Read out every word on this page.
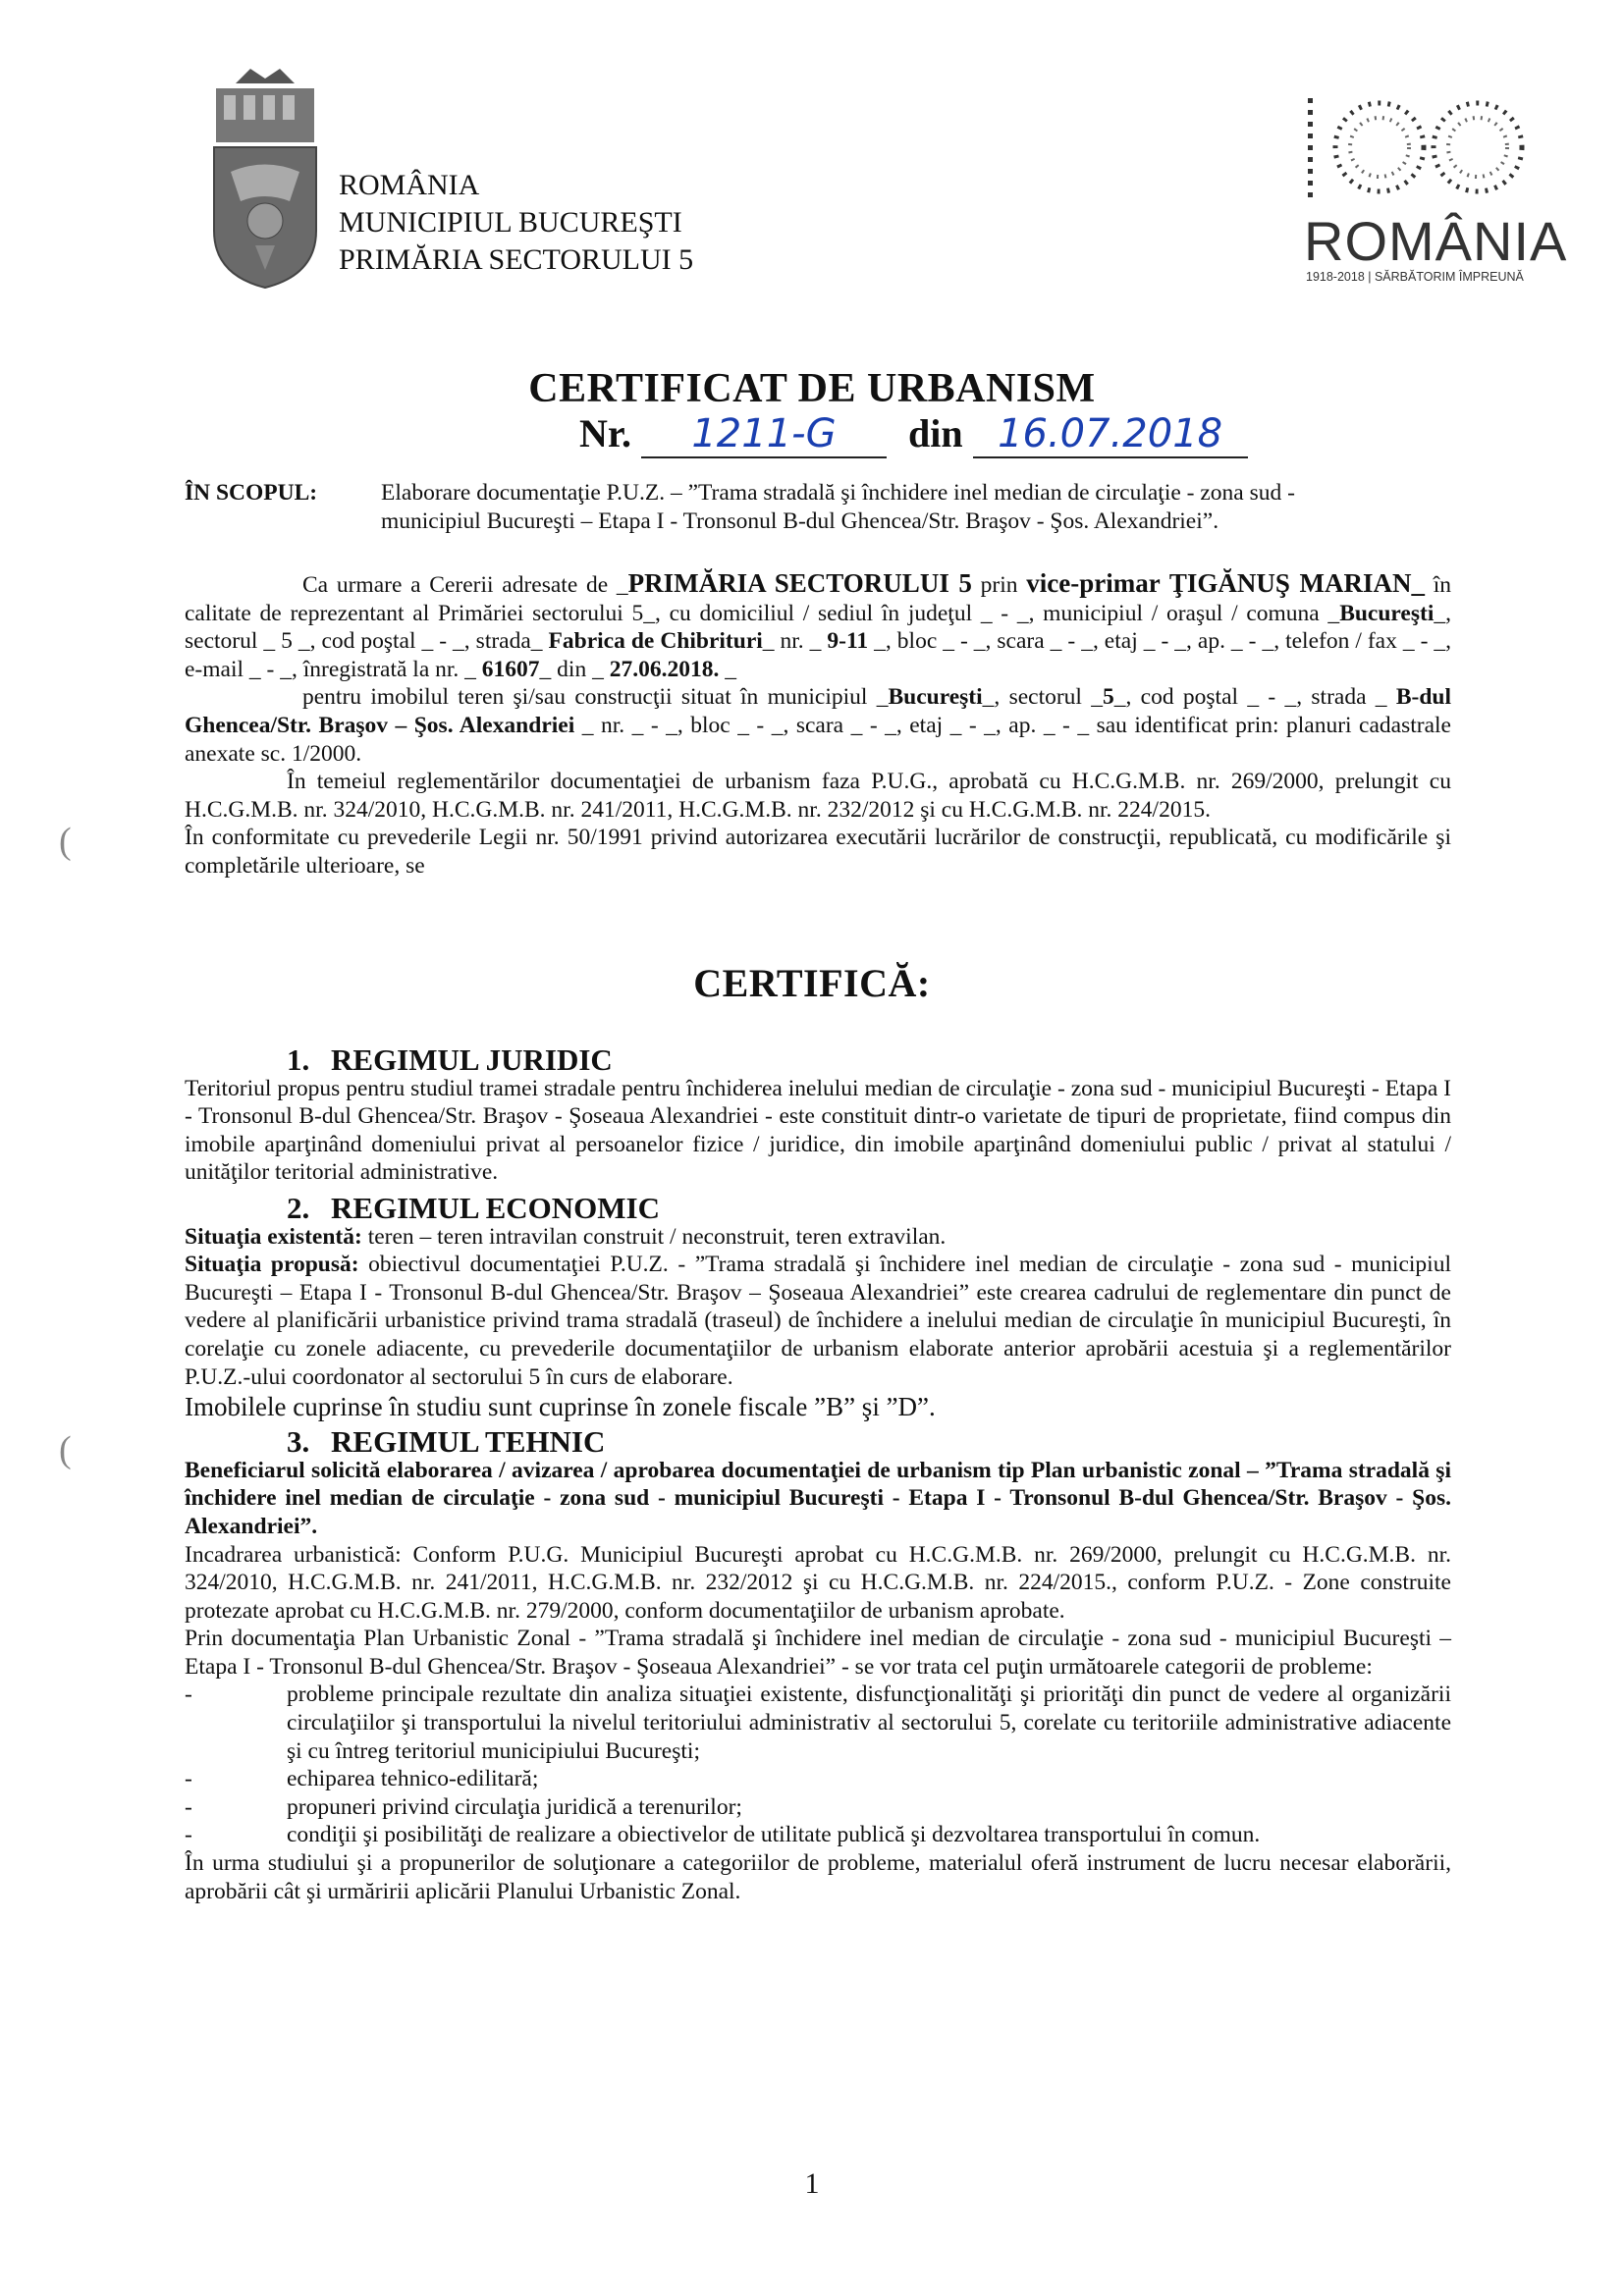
ROMÂNIA
MUNICIPIUL BUCUREŞTI
PRIMĂRIA SECTORULUI 5	ROMÂNIA
1918-2018 | SĂRBĂTORIM ÎMPREUNĂ
CERTIFICAT DE URBANISM
Nr. 1211-G din 16.07.2018
ÎN SCOPUL:	Elaborare documentaţie P.U.Z. – ”Trama stradală şi închidere inel median de circulaţie - zona sud -
municipiul Bucureşti – Etapa I - Tronsonul B-dul Ghencea/Str. Braşov - Şos. Alexandriei”.

Ca urmare a Cererii adresate de _PRIMĂRIA SECTORULUI 5 prin vice-primar ŢIGĂNUŞ MARIAN_ în calitate de reprezentant al Primăriei sectorului 5_, cu domiciliul / sediul în judeţul _ - _, municipiul / oraşul / comuna _Bucureşti_, sectorul _ 5 _, cod poştal _ - _, strada_ Fabrica de Chibrituri_ nr. _ 9-11 _, bloc _ - _, scara _ - _, etaj _ - _, ap. _ - _, telefon / fax _ - _, e-mail _ - _, înregistrată la nr. _ 61607_ din _ 27.06.2018. _

pentru imobilul teren şi/sau construcţii situat în municipiul _Bucureşti_, sectorul _5_, cod poştal _ - _, strada _ B-dul Ghencea/Str. Braşov – Şos. Alexandriei _ nr. _ - _, bloc _ - _, scara _ - _, etaj _ - _, ap. _ - _ sau identificat prin: planuri cadastrale anexate sc. 1/2000.

În temeiul reglementărilor documentaţiei de urbanism faza P.U.G., aprobată cu H.C.G.M.B. nr. 269/2000, prelungit cu H.C.G.M.B. nr. 324/2010, H.C.G.M.B. nr. 241/2011, H.C.G.M.B. nr. 232/2012 şi cu H.C.G.M.B. nr. 224/2015.

În conformitate cu prevederile Legii nr. 50/1991 privind autorizarea executării lucrărilor de construcţii, republicată, cu modificările şi completările ulterioare, se

CERTIFICĂ:
1. REGIMUL JURIDIC

Teritoriul propus pentru studiul tramei stradale pentru închiderea inelului median de circulaţie - zona sud - municipiul Bucureşti - Etapa I - Tronsonul B-dul Ghencea/Str. Braşov - Şoseaua Alexandriei - este constituit dintr-o varietate de tipuri de proprietate, fiind compus din imobile aparţinând domeniului privat al persoanelor fizice / juridice, din imobile aparţinând domeniului public / privat al statului / unităţilor teritorial administrative.

2. REGIMUL ECONOMIC

Situaţia existentă: teren – teren intravilan construit / neconstruit, teren extravilan.

Situaţia propusă: obiectivul documentaţiei P.U.Z. - ”Trama stradală şi închidere inel median de circulaţie - zona sud - municipiul Bucureşti – Etapa I - Tronsonul B-dul Ghencea/Str. Braşov – Şoseaua Alexandriei” este crearea cadrului de reglementare din punct de vedere al planificării urbanistice privind trama stradală (traseul) de închidere a inelului median de circulaţie în municipiul Bucureşti, în corelaţie cu zonele adiacente, cu prevederile documentaţiilor de urbanism elaborate anterior aprobării acestuia şi a reglementărilor P.U.Z.-ului coordonator al sectorului 5 în curs de elaborare.

Imobilele cuprinse în studiu sunt cuprinse în zonele fiscale ”B” şi ”D”.

3. REGIMUL TEHNIC

Beneficiarul solicită elaborarea / avizarea / aprobarea documentaţiei de urbanism tip Plan urbanistic zonal – ”Trama stradală şi închidere inel median de circulaţie - zona sud - municipiul Bucureşti - Etapa I - Tronsonul B-dul Ghencea/Str. Braşov - Şos. Alexandriei”.

Incadrarea urbanistică: Conform P.U.G. Municipiul Bucureşti aprobat cu H.C.G.M.B. nr. 269/2000, prelungit cu H.C.G.M.B. nr. 324/2010, H.C.G.M.B. nr. 241/2011, H.C.G.M.B. nr. 232/2012 şi cu H.C.G.M.B. nr. 224/2015., conform P.U.Z. - Zone construite protezate aprobat cu H.C.G.M.B. nr. 279/2000, conform documentaţiilor de urbanism aprobate.

Prin documentaţia Plan Urbanistic Zonal - ”Trama stradală şi închidere inel median de circulaţie - zona sud - municipiul Bucureşti – Etapa I - Tronsonul B-dul Ghencea/Str. Braşov - Şoseaua Alexandriei” - se vor trata cel puţin următoarele categorii de probleme:

-	probleme principale rezultate din analiza situaţiei existente, disfuncţionalităţi şi priorităţi din punct de vedere al organizării circulaţiilor şi transportului la nivelul teritoriului administrativ al sectorului 5, corelate cu teritoriile administrative adiacente şi cu întreg teritoriul municipiului Bucureşti;
-	echiparea tehnico-edilitară;
-	propuneri privind circulaţia juridică a terenurilor;
-	condiţii şi posibilităţi de realizare a obiectivelor de utilitate publică şi dezvoltarea transportului în comun.

În urma studiului şi a propunerilor de soluţionare a categoriilor de probleme, materialul oferă instrument de lucru necesar elaborării, aprobării cât şi urmăririi aplicării Planului Urbanistic Zonal.

1
(
(
